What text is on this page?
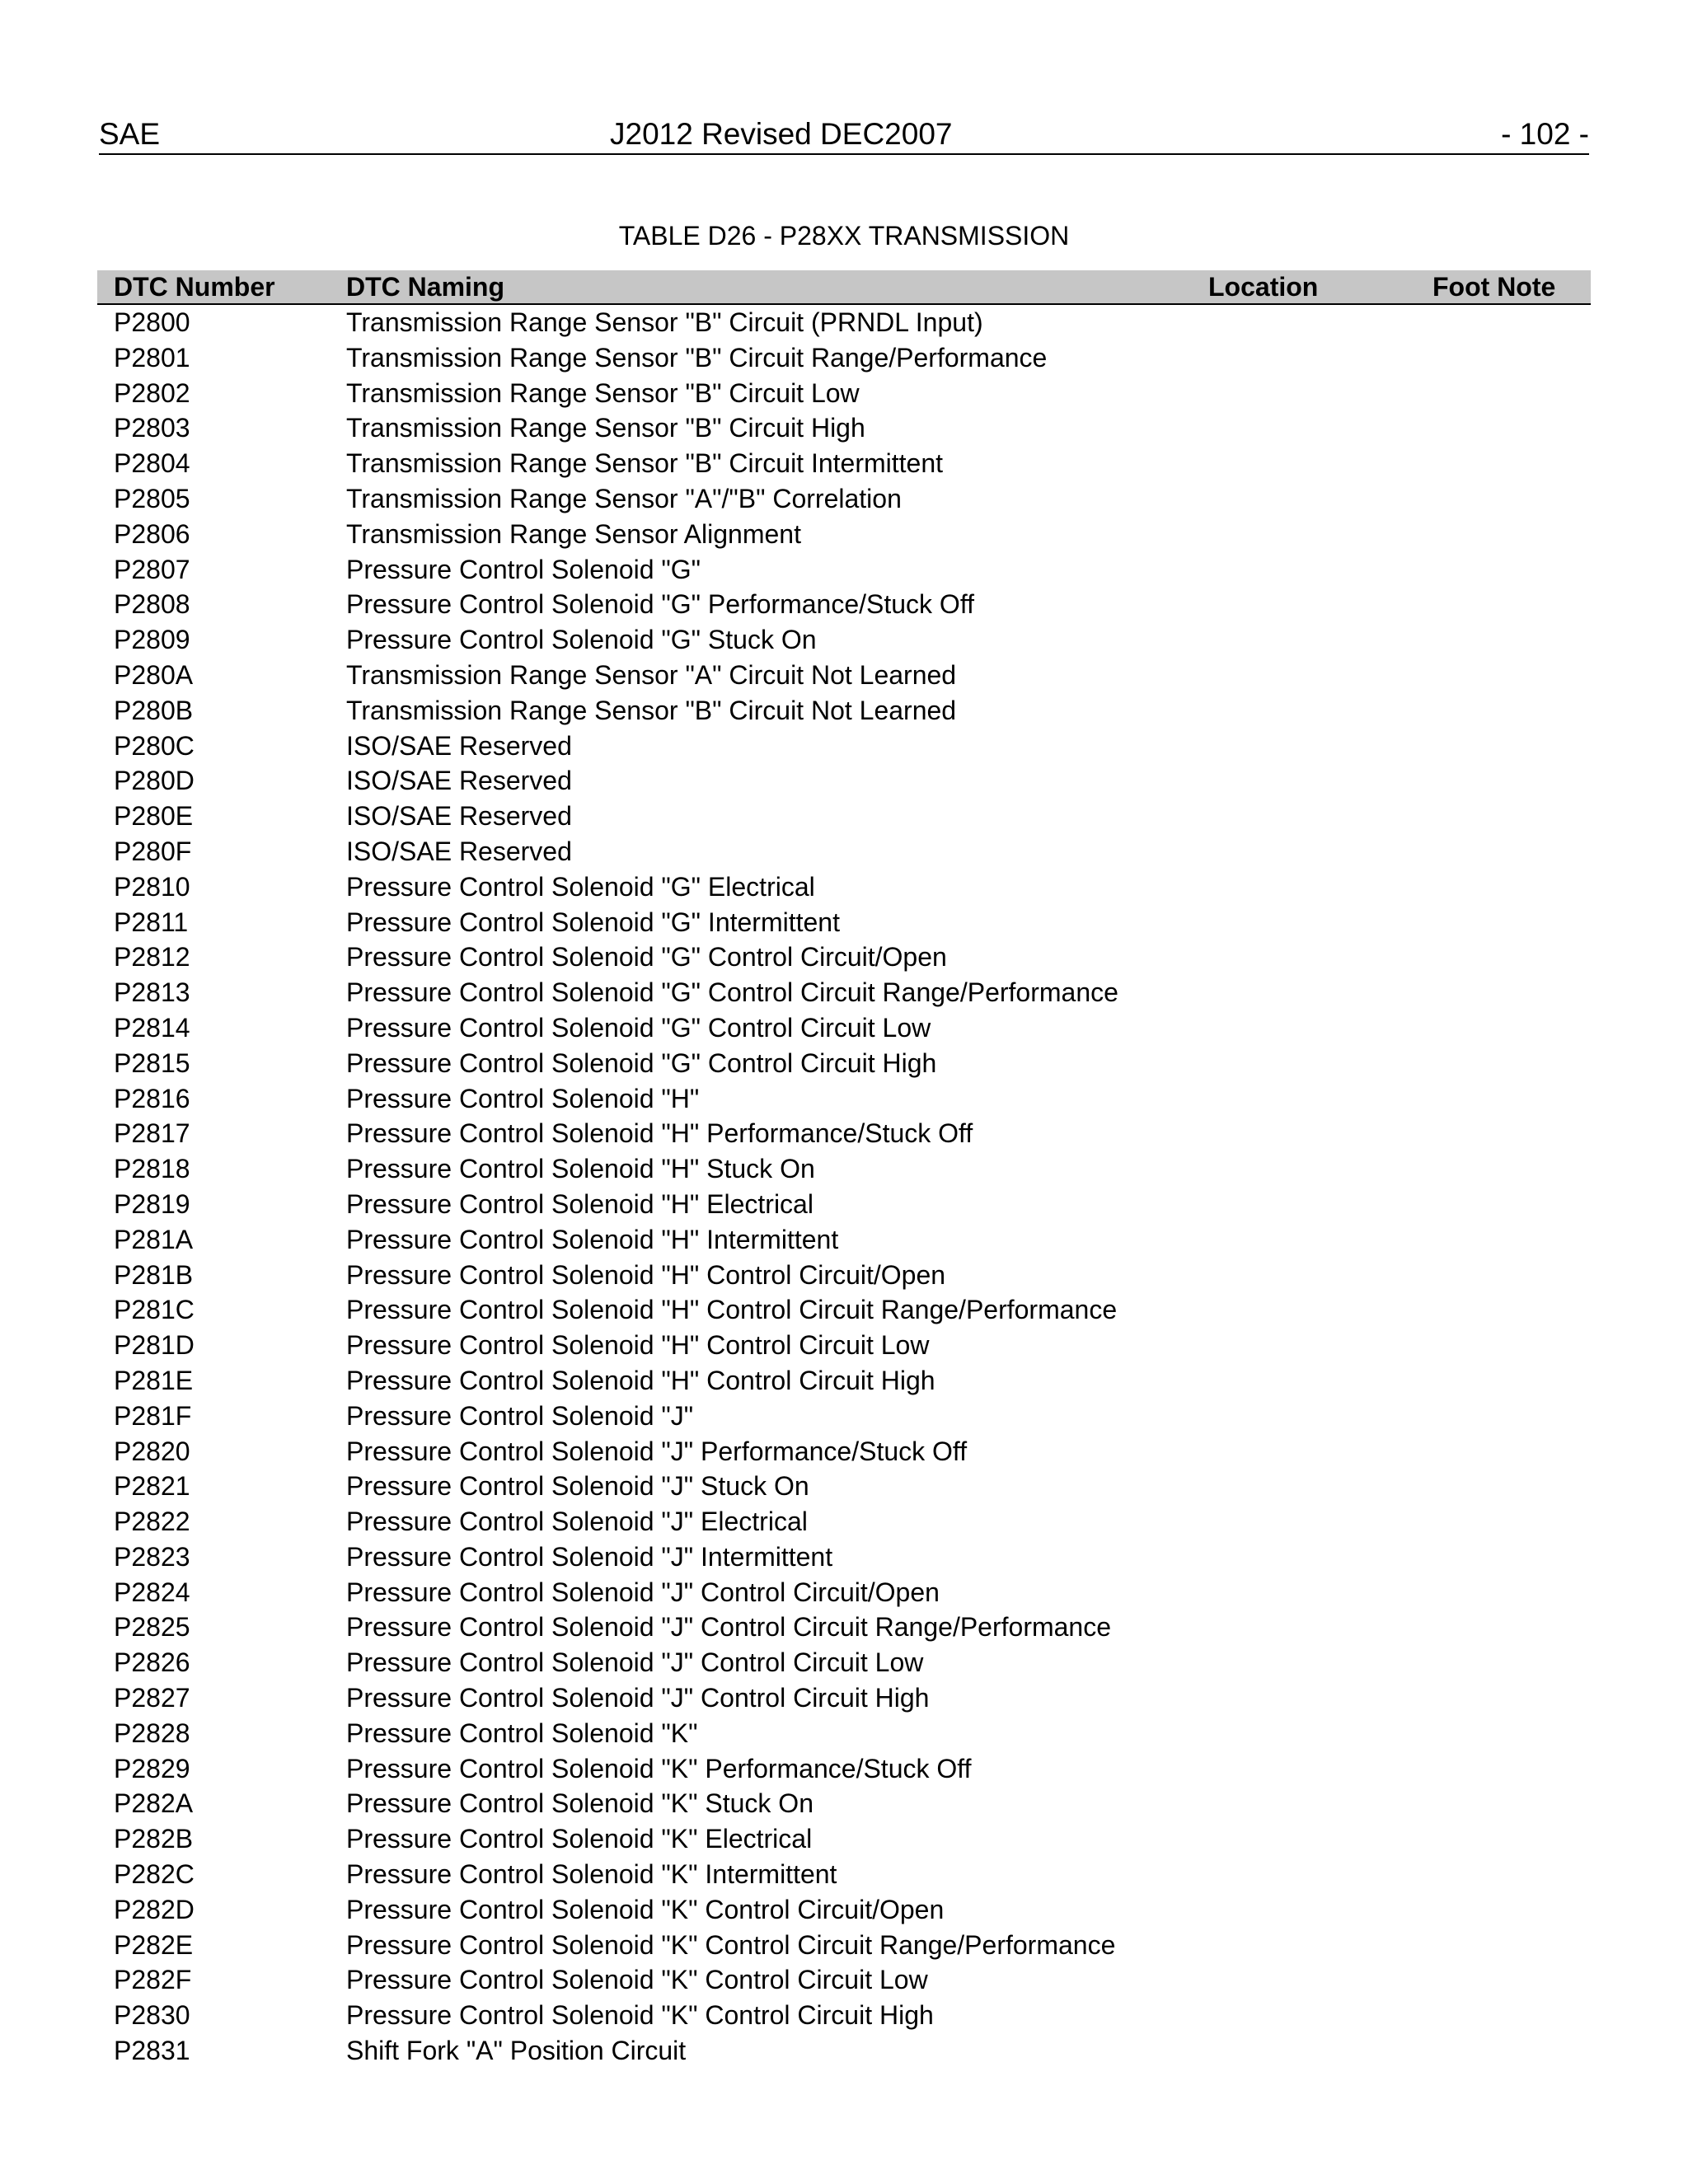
SAE	J2012 Revised DEC2007	- 102 -
TABLE D26 - P28XX TRANSMISSION
DTC Number	DTC Naming	Location	Foot Note
P2800	Transmission Range Sensor "B" Circuit (PRNDL Input)
P2801	Transmission Range Sensor "B" Circuit Range/Performance
P2802	Transmission Range Sensor "B" Circuit Low
P2803	Transmission Range Sensor "B" Circuit High
P2804	Transmission Range Sensor "B" Circuit Intermittent
P2805	Transmission Range Sensor "A"/"B" Correlation
P2806	Transmission Range Sensor Alignment
P2807	Pressure Control Solenoid "G"
P2808	Pressure Control Solenoid "G" Performance/Stuck Off
P2809	Pressure Control Solenoid "G" Stuck On
P280A	Transmission Range Sensor "A" Circuit Not Learned
P280B	Transmission Range Sensor "B" Circuit Not Learned
P280C	ISO/SAE Reserved
P280D	ISO/SAE Reserved
P280E	ISO/SAE Reserved
P280F	ISO/SAE Reserved
P2810	Pressure Control Solenoid "G" Electrical
P2811	Pressure Control Solenoid "G" Intermittent
P2812	Pressure Control Solenoid "G" Control Circuit/Open
P2813	Pressure Control Solenoid "G" Control Circuit Range/Performance
P2814	Pressure Control Solenoid "G" Control Circuit Low
P2815	Pressure Control Solenoid "G" Control Circuit High
P2816	Pressure Control Solenoid "H"
P2817	Pressure Control Solenoid "H" Performance/Stuck Off
P2818	Pressure Control Solenoid "H" Stuck On
P2819	Pressure Control Solenoid "H" Electrical
P281A	Pressure Control Solenoid "H" Intermittent
P281B	Pressure Control Solenoid "H" Control Circuit/Open
P281C	Pressure Control Solenoid "H" Control Circuit Range/Performance
P281D	Pressure Control Solenoid "H" Control Circuit Low
P281E	Pressure Control Solenoid "H" Control Circuit High
P281F	Pressure Control Solenoid "J"
P2820	Pressure Control Solenoid "J" Performance/Stuck Off
P2821	Pressure Control Solenoid "J" Stuck On
P2822	Pressure Control Solenoid "J" Electrical
P2823	Pressure Control Solenoid "J" Intermittent
P2824	Pressure Control Solenoid "J" Control Circuit/Open
P2825	Pressure Control Solenoid "J" Control Circuit Range/Performance
P2826	Pressure Control Solenoid "J" Control Circuit Low
P2827	Pressure Control Solenoid "J" Control Circuit High
P2828	Pressure Control Solenoid "K"
P2829	Pressure Control Solenoid "K" Performance/Stuck Off
P282A	Pressure Control Solenoid "K" Stuck On
P282B	Pressure Control Solenoid "K" Electrical
P282C	Pressure Control Solenoid "K" Intermittent
P282D	Pressure Control Solenoid "K" Control Circuit/Open
P282E	Pressure Control Solenoid "K" Control Circuit Range/Performance
P282F	Pressure Control Solenoid "K" Control Circuit Low
P2830	Pressure Control Solenoid "K" Control Circuit High
P2831	Shift Fork "A" Position Circuit
